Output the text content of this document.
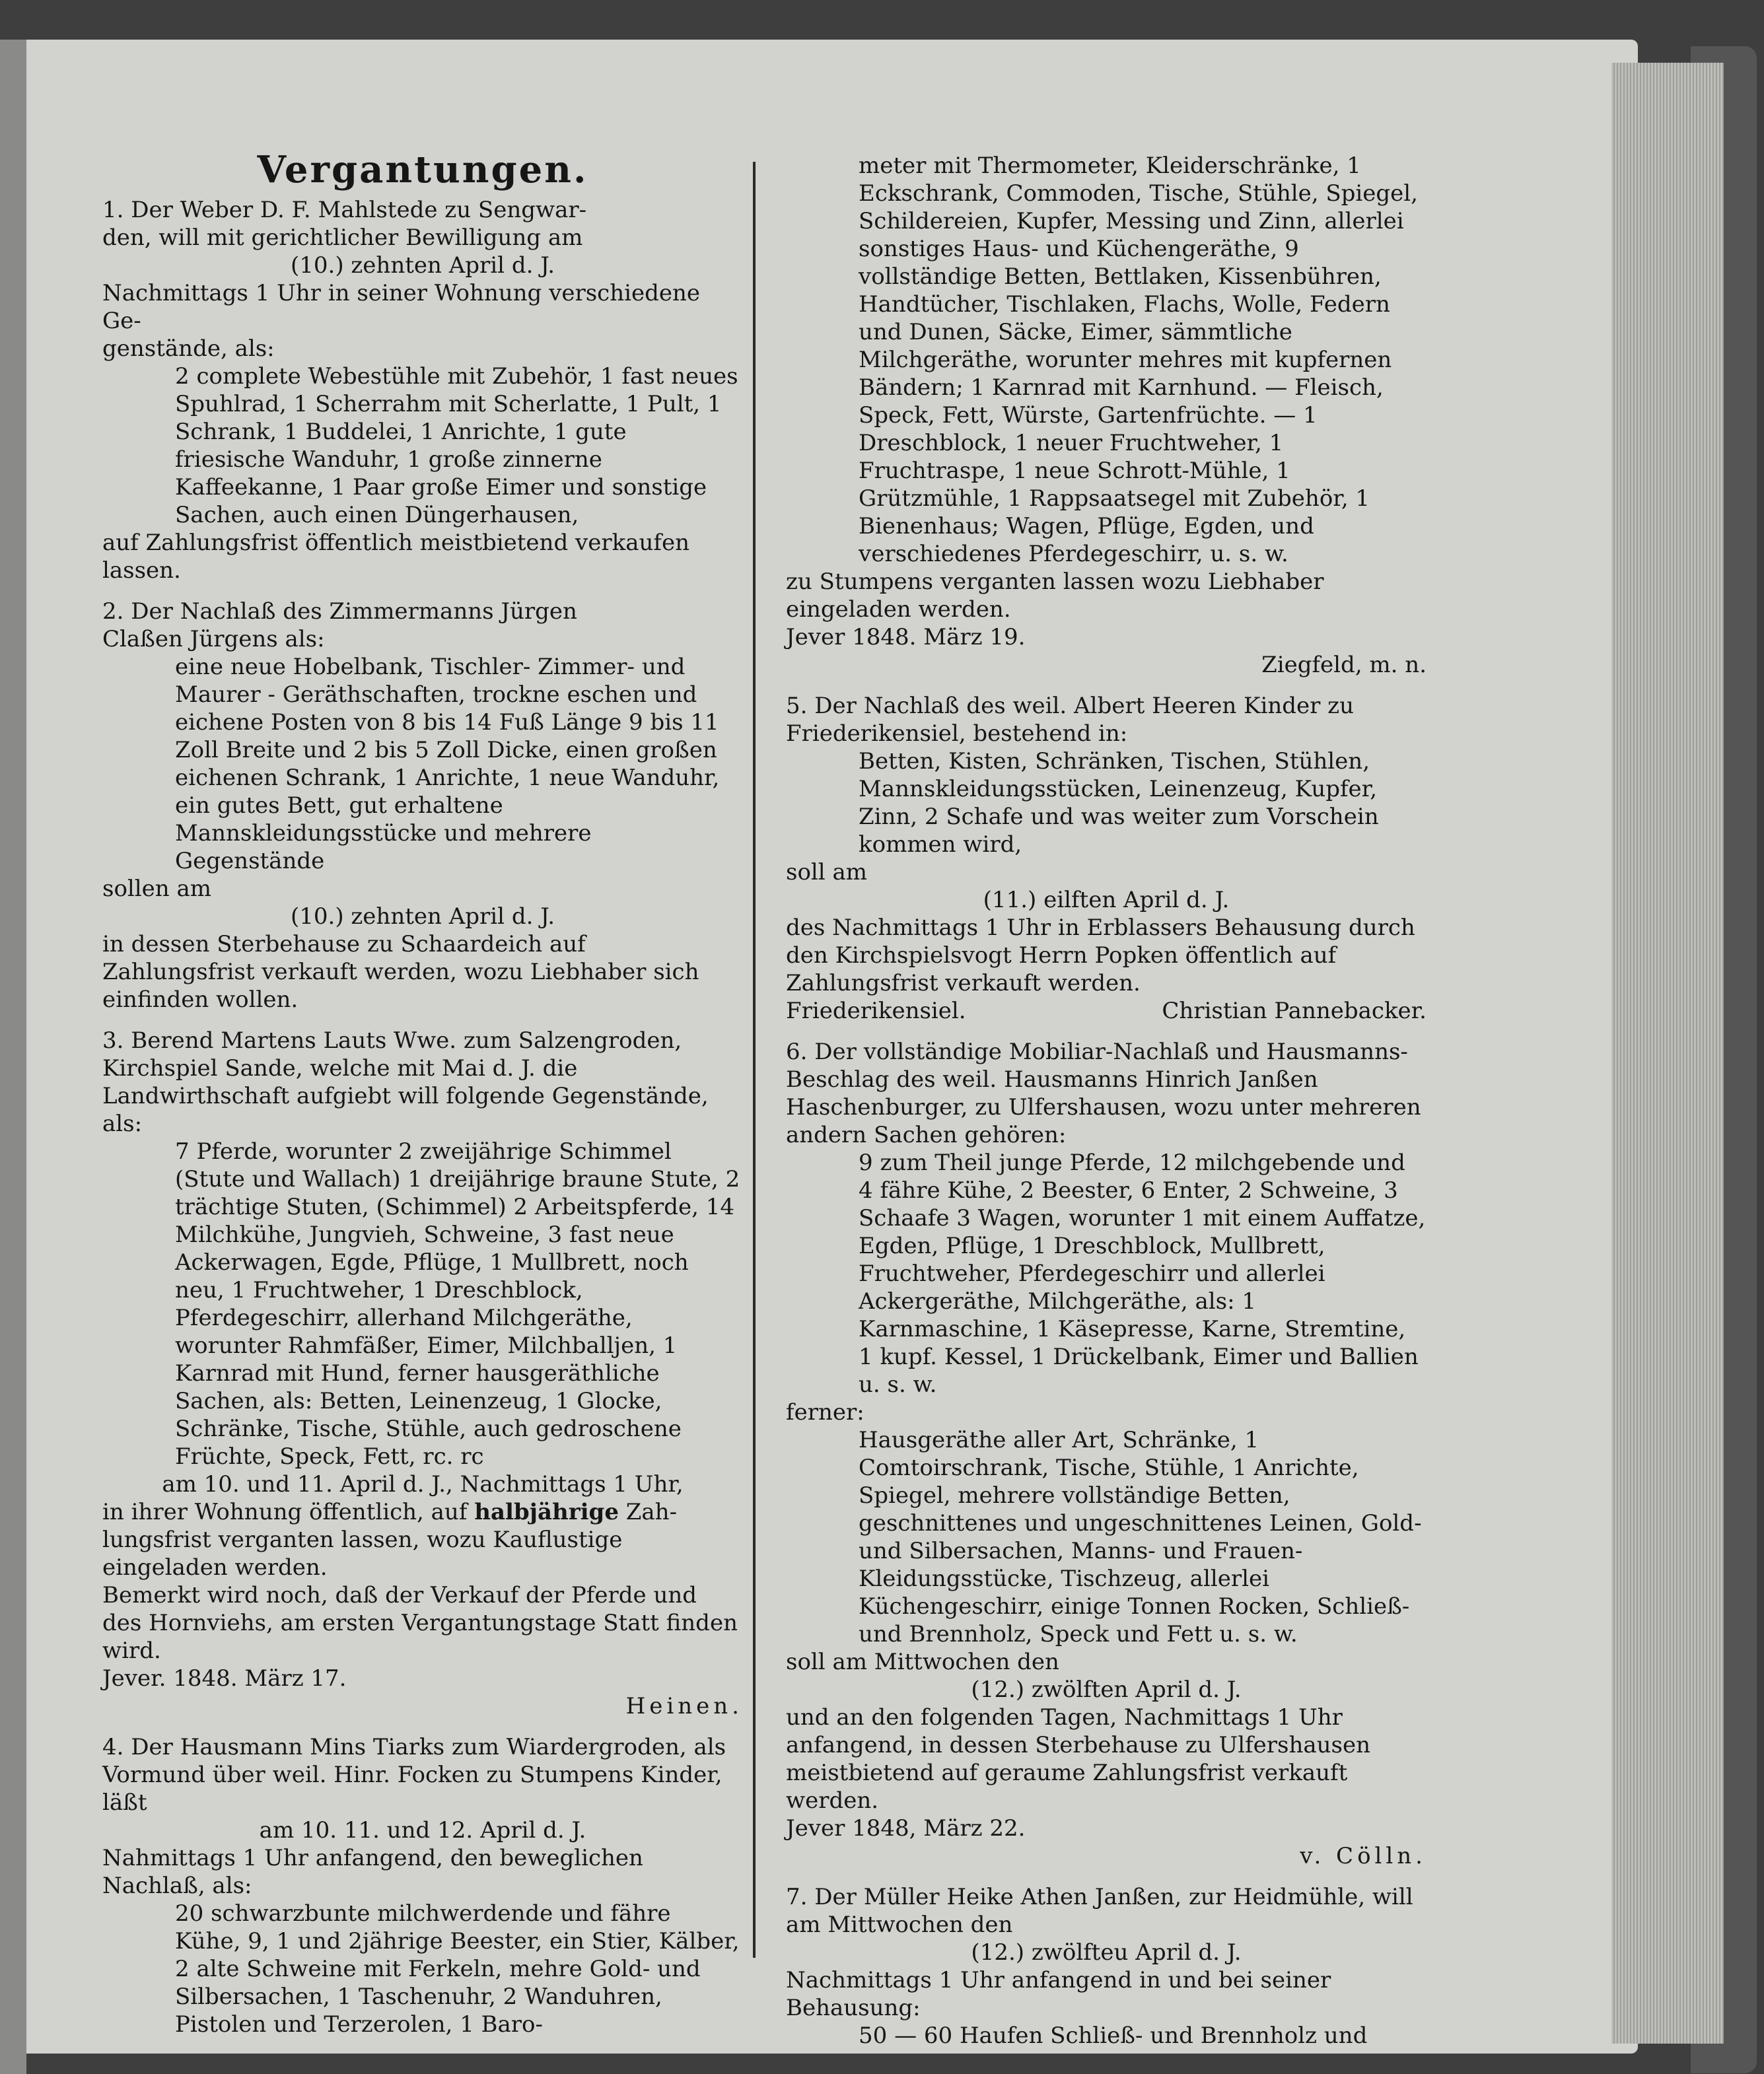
Vergantungen.

1. Der Weber D. F. Mahlstede zu Sengwar-

den, will mit gerichtlicher Bewilligung am

(10.) zehnten April d. J.

Nachmittags 1 Uhr in seiner Wohnung verschiedene Ge-

genstände, als:

2 complete Webestühle mit Zubehör, 1 fast neues Spuhlrad, 1 Scherrahm mit Scherlatte, 1 Pult, 1 Schrank, 1 Buddelei, 1 Anrichte, 1 gute friesische Wanduhr, 1 große zinnerne Kaffeekanne, 1 Paar große Eimer und sonstige Sachen, auch einen Düngerhausen,

auf Zahlungsfrist öffentlich meistbietend verkaufen lassen.

2. Der Nachlaß des Zimmermanns Jürgen

Claßen Jürgens als:

eine neue Hobelbank, Tischler- Zimmer- und Maurer - Geräthschaften, trockne eschen und eichene Posten von 8 bis 14 Fuß Länge 9 bis 11 Zoll Breite und 2 bis 5 Zoll Dicke, einen großen eichenen Schrank, 1 Anrichte, 1 neue Wanduhr, ein gutes Bett, gut erhaltene Mannskleidungsstücke und mehrere Gegenstände

sollen am

(10.) zehnten April d. J.

in dessen Sterbehause zu Schaardeich auf Zahlungsfrist verkauft werden, wozu Liebhaber sich einfinden wollen.

3. Berend Martens Lauts Wwe. zum Salzengroden, Kirchspiel Sande, welche mit Mai d. J. die Landwirthschaft aufgiebt will folgende Gegenstände, als:

7 Pferde, worunter 2 zweijährige Schimmel (Stute und Wallach) 1 dreijährige braune Stute, 2 trächtige Stuten, (Schimmel) 2 Arbeitspferde, 14 Milchkühe, Jungvieh, Schweine, 3 fast neue Ackerwagen, Egde, Pflüge, 1 Mullbrett, noch neu, 1 Fruchtweher, 1 Dreschblock, Pferdegeschirr, allerhand Milchgeräthe, worunter Rahmfäßer, Eimer, Milchballjen, 1 Karnrad mit Hund, ferner hausgeräthliche Sachen, als: Betten, Leinenzeug, 1 Glocke, Schränke, Tische, Stühle, auch gedroschene Früchte, Speck, Fett, rc. rc

am 10. und 11. April d. J., Nachmittags 1 Uhr,

in ihrer Wohnung öffentlich, auf halbjährige Zah-

lungsfrist verganten lassen, wozu Kauflustige eingeladen werden.

Bemerkt wird noch, daß der Verkauf der Pferde und des Hornviehs, am ersten Vergantungstage Statt finden wird.

Jever. 1848. März 17.

Heinen.

4. Der Hausmann Mins Tiarks zum Wiardergroden, als Vormund über weil. Hinr. Focken zu Stumpens Kinder, läßt

am 10. 11. und 12. April d. J.

Nahmittags 1 Uhr anfangend, den beweglichen Nachlaß, als:

20 schwarzbunte milchwerdende und fähre Kühe, 9, 1 und 2jährige Beester, ein Stier, Kälber, 2 alte Schweine mit Ferkeln, mehre Gold- und Silbersachen, 1 Taschenuhr, 2 Wanduhren, Pistolen und Terzerolen, 1 Baro-

meter mit Thermometer, Kleiderschränke, 1 Eckschrank, Commoden, Tische, Stühle, Spiegel, Schildereien, Kupfer, Messing und Zinn, allerlei sonstiges Haus- und Küchengeräthe, 9 vollständige Betten, Bettlaken, Kissenbühren, Handtücher, Tischlaken, Flachs, Wolle, Federn und Dunen, Säcke, Eimer, sämmtliche Milchgeräthe, worunter mehres mit kupfernen Bändern; 1 Karnrad mit Karnhund. — Fleisch, Speck, Fett, Würste, Gartenfrüchte. — 1 Dreschblock, 1 neuer Fruchtweher, 1 Fruchtraspe, 1 neue Schrott-Mühle, 1 Grützmühle, 1 Rappsaatsegel mit Zubehör, 1 Bienenhaus; Wagen, Pflüge, Egden, und verschiedenes Pferdegeschirr, u. s. w.

zu Stumpens verganten lassen wozu Liebhaber eingeladen werden.

Jever 1848. März 19.

Ziegfeld, m. n.

5. Der Nachlaß des weil. Albert Heeren Kinder zu Friederikensiel, bestehend in:

Betten, Kisten, Schränken, Tischen, Stühlen, Mannskleidungsstücken, Leinenzeug, Kupfer, Zinn, 2 Schafe und was weiter zum Vorschein kommen wird,

soll am

(11.) eilften April d. J.

des Nachmittags 1 Uhr in Erblassers Behausung durch den Kirchspielsvogt Herrn Popken öffentlich auf Zahlungsfrist verkauft werden.

Friederikensiel.	Christian Pannebacker.

6. Der vollständige Mobiliar-Nachlaß und Hausmanns-Beschlag des weil. Hausmanns Hinrich Janßen Haschenburger, zu Ulfershausen, wozu unter mehreren andern Sachen gehören:

9 zum Theil junge Pferde, 12 milchgebende und 4 fähre Kühe, 2 Beester, 6 Enter, 2 Schweine, 3 Schaafe 3 Wagen, worunter 1 mit einem Auffatze, Egden, Pflüge, 1 Dreschblock, Mullbrett, Fruchtweher, Pferdegeschirr und allerlei Ackergeräthe, Milchgeräthe, als: 1 Karnmaschine, 1 Käsepresse, Karne, Stremtine, 1 kupf. Kessel, 1 Drückelbank, Eimer und Ballien u. s. w.

ferner:

Hausgeräthe aller Art, Schränke, 1 Comtoirschrank, Tische, Stühle, 1 Anrichte, Spiegel, mehrere vollständige Betten, geschnittenes und ungeschnittenes Leinen, Gold- und Silbersachen, Manns- und Frauen-Kleidungsstücke, Tischzeug, allerlei Küchengeschirr, einige Tonnen Rocken, Schließ- und Brennholz, Speck und Fett u. s. w.

soll am Mittwochen den

(12.) zwölften April d. J.

und an den folgenden Tagen, Nachmittags 1 Uhr anfangend, in dessen Sterbehause zu Ulfershausen meistbietend auf geraume Zahlungsfrist verkauft werden.

Jever 1848, März 22.

v. Cölln.

7. Der Müller Heike Athen Janßen, zur Heidmühle, will am Mittwochen den

(12.) zwölfteu April d. J.

Nachmittags 1 Uhr anfangend in und bei seiner Behausung:

50 — 60 Haufen Schließ- und Brennholz und
